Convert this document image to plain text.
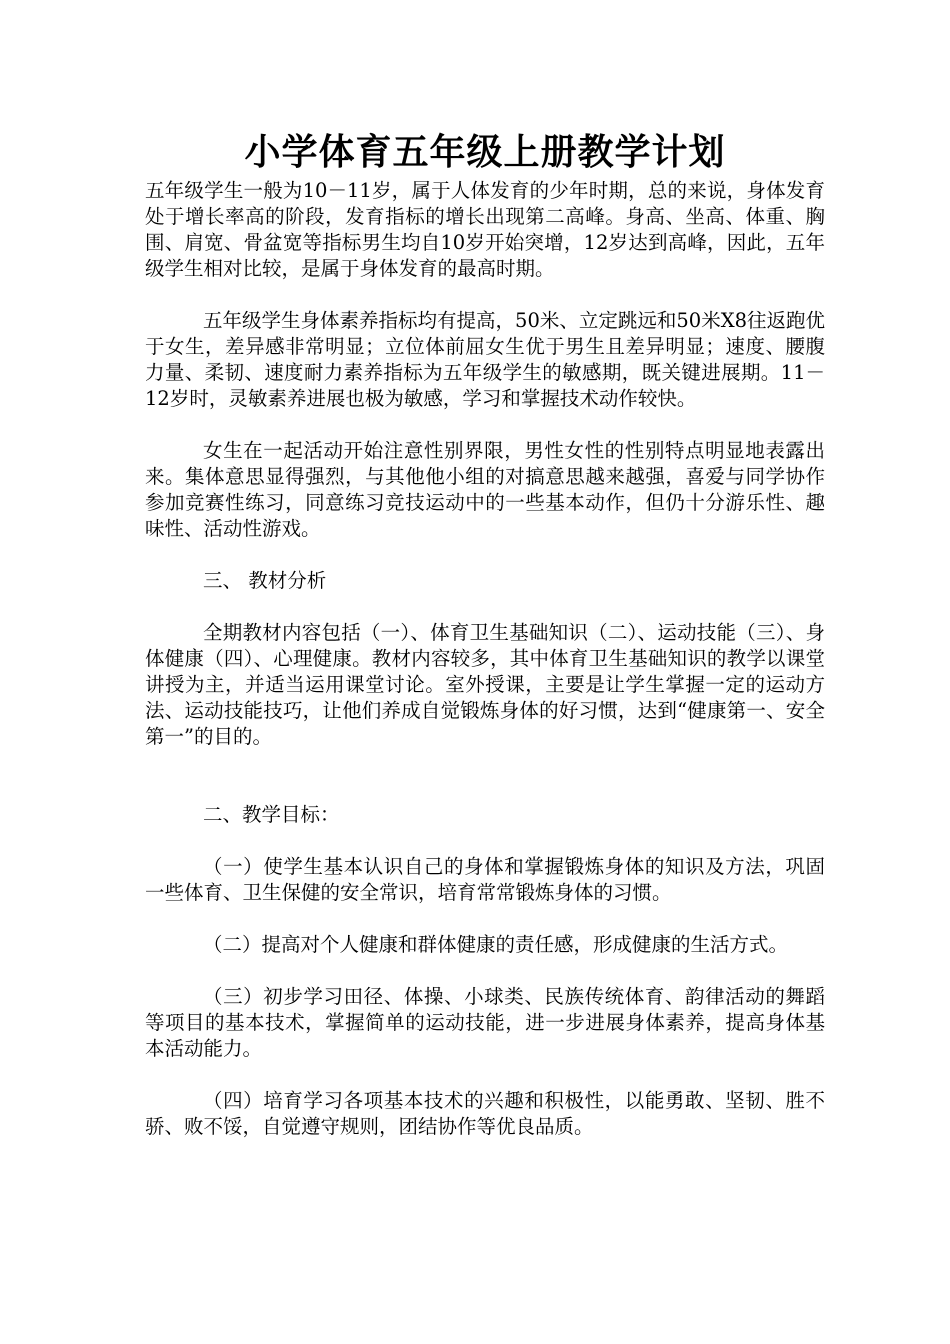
小学体育五年级上册教学计划

五年级学生一般为10－11岁，属于人体发育的少年时期，总的来说，身体发育处于增长率高的阶段，发育指标的增长出现第二高峰。身高、坐高、体重、胸围、肩宽、骨盆宽等指标男生均自10岁开始突增，12岁达到高峰，因此，五年级学生相对比较，是属于身体发育的最高时期。

五年级学生身体素养指标均有提高，50米、立定跳远和50米X8往返跑优于女生，差异感非常明显；立位体前屈女生优于男生且差异明显；速度、腰腹力量、柔韧、速度耐力素养指标为五年级学生的敏感期，既关键进展期。11－12岁时，灵敏素养进展也极为敏感，学习和掌握技术动作较快。

女生在一起活动开始注意性别界限，男性女性的性别特点明显地表露出来。集体意思显得强烈，与其他他小组的对搞意思越来越强，喜爱与同学协作参加竞赛性练习，同意练习竞技运动中的一些基本动作，但仍十分游乐性、趣味性、活动性游戏。

三、 教材分析

全期教材内容包括（一）、体育卫生基础知识（二）、运动技能（三）、身体健康（四）、心理健康。教材内容较多，其中体育卫生基础知识的教学以课堂讲授为主，并适当运用课堂讨论。室外授课，主要是让学生掌握一定的运动方法、运动技能技巧，让他们养成自觉锻炼身体的好习惯，达到“健康第一、安全第一”的目的。

二、教学目标：

（一）使学生基本认识自己的身体和掌握锻炼身体的知识及方法，巩固一些体育、卫生保健的安全常识，培育常常锻炼身体的习惯。

（二）提高对个人健康和群体健康的责任感，形成健康的生活方式。

（三）初步学习田径、体操、小球类、民族传统体育、韵律活动的舞蹈等项目的基本技术，掌握简单的运动技能，进一步进展身体素养，提高身体基本活动能力。

（四）培育学习各项基本技术的兴趣和积极性，以能勇敢、坚韧、胜不骄、败不馁，自觉遵守规则，团结协作等优良品质。
